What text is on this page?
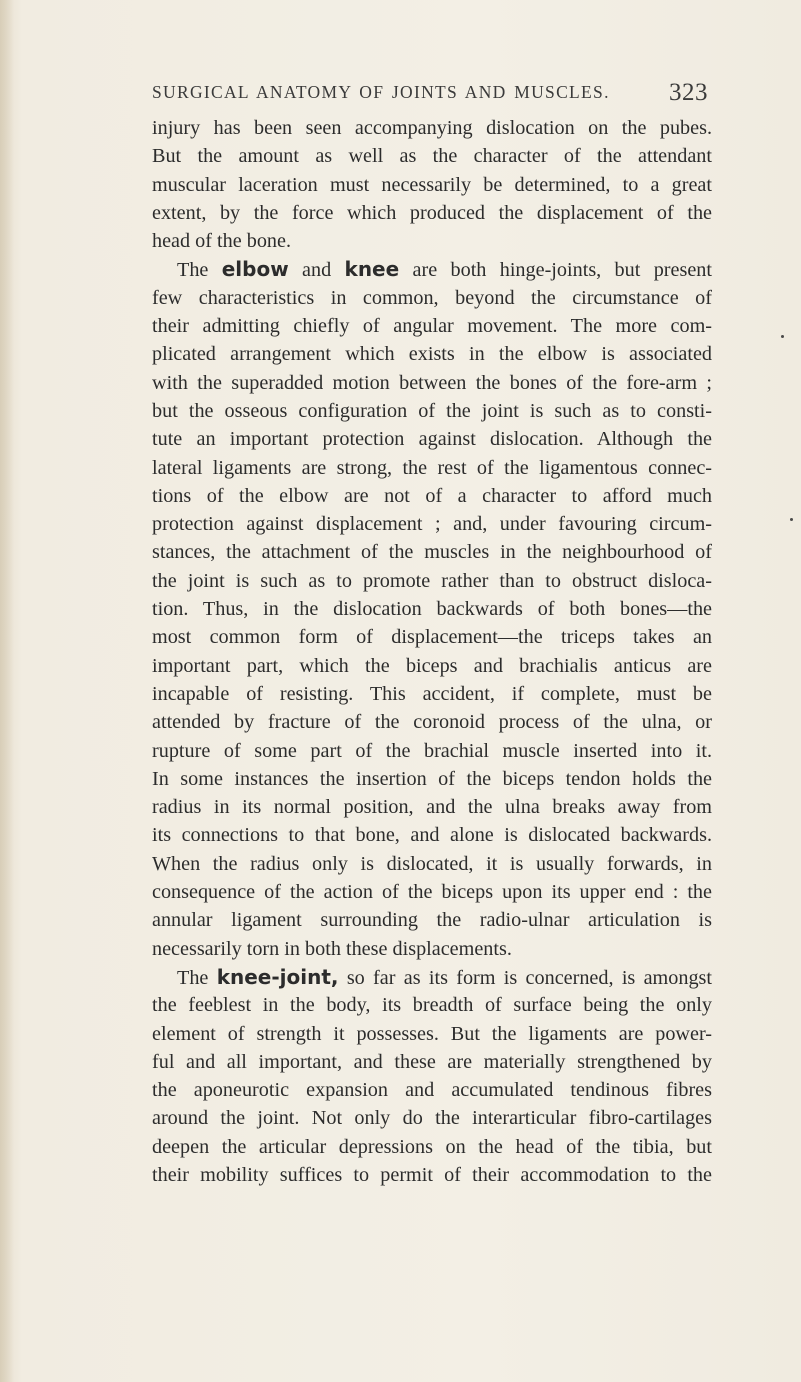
SURGICAL ANATOMY OF JOINTS AND MUSCLES. 323
injury has been seen accompanying dislocation on the pubes.
But the amount as well as the character of the attendant
muscular laceration must necessarily be determined, to a great
extent, by the force which produced the displacement of the
head of the bone.
The elbow and knee are both hinge-joints, but present
few characteristics in common, beyond the circumstance of
their admitting chiefly of angular movement. The more com-
plicated arrangement which exists in the elbow is associated
with the superadded motion between the bones of the fore-arm ;
but the osseous configuration of the joint is such as to consti-
tute an important protection against dislocation. Although the
lateral ligaments are strong, the rest of the ligamentous connec-
tions of the elbow are not of a character to afford much
protection against displacement ; and, under favouring circum-
stances, the attachment of the muscles in the neighbourhood of
the joint is such as to promote rather than to obstruct disloca-
tion. Thus, in the dislocation backwards of both bones—the
most common form of displacement—the triceps takes an
important part, which the biceps and brachialis anticus are
incapable of resisting. This accident, if complete, must be
attended by fracture of the coronoid process of the ulna, or
rupture of some part of the brachial muscle inserted into it.
In some instances the insertion of the biceps tendon holds the
radius in its normal position, and the ulna breaks away from
its connections to that bone, and alone is dislocated backwards.
When the radius only is dislocated, it is usually forwards, in
consequence of the action of the biceps upon its upper end : the
annular ligament surrounding the radio-ulnar articulation is
necessarily torn in both these displacements.
The knee-joint, so far as its form is concerned, is amongst
the feeblest in the body, its breadth of surface being the only
element of strength it possesses. But the ligaments are power-
ful and all important, and these are materially strengthened by
the aponeurotic expansion and accumulated tendinous fibres
around the joint. Not only do the interarticular fibro-cartilages
deepen the articular depressions on the head of the tibia, but
their mobility suffices to permit of their accommodation to the
